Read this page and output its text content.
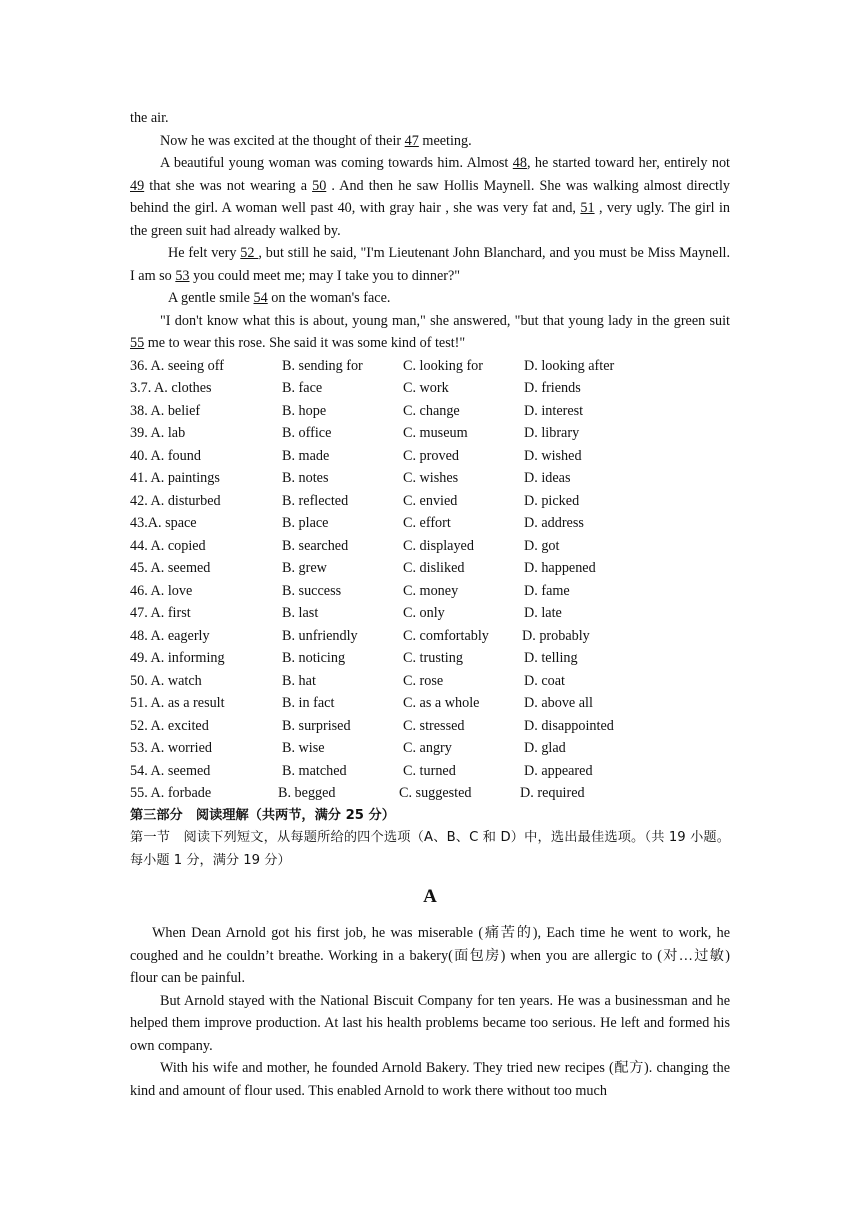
the air.

Now he was excited at the thought of their 47 meeting.

A beautiful young woman was coming towards him. Almost 48, he started toward her, entirely not 49 that she was not wearing a 50 . And then he saw Hollis Maynell. She was walking almost directly behind the girl. A woman well past 40, with gray hair , she was very fat and, 51 , very ugly. The girl in the green suit had already walked by.

He felt very 52 , but still he said, "I'm Lieutenant John Blanchard, and you must be Miss Maynell. I am so 53 you could meet me; may I take you to dinner?"

A gentle smile 54 on the woman's face.

"I don't know what this is about, young man," she answered, "but that young lady in the green suit 55 me to wear this rose. She said it was some kind of test!"

36. A. seeing off	B. sending for	C. looking for	D. looking after
3.7. A. clothes	B. face	C. work	D. friends
38. A. belief	B. hope	C. change	D. interest
39. A. lab	B. office	C. museum	D. library
40. A. found	B. made	C. proved	D. wished
41. A. paintings	B. notes	C. wishes	D. ideas
42. A. disturbed	B. reflected	C. envied	D. picked
43.A. space	B. place	C. effort	D. address
44. A. copied	B. searched	C. displayed	D. got
45. A. seemed	B. grew	C. disliked	D. happened
46. A. love	B. success	C. money	D. fame
47. A. first	B. last	C. only	D. late
48. A. eagerly	B. unfriendly	C. comfortably	D. probably
49. A. informing	B. noticing	C. trusting	D. telling
50. A. watch	B. hat	C. rose	D. coat
51. A. as a result	B. in fact	C. as a whole	D. above all
52. A. excited	B. surprised	C. stressed	D. disappointed
53. A. worried	B. wise	C. angry	D. glad
54. A. seemed	B. matched	C. turned	D. appeared
55. A. forbade	B. begged	C. suggested	D. required

第三部分　阅读理解（共两节，满分 25 分）

第一节　阅读下列短文，从每题所给的四个选项（A、B、C 和 D）中，选出最佳选项。（共 19 小题。每小题 1 分，满分 19 分）

A

When Dean Arnold got his first job, he was miserable (痛苦的), Each time he went to work, he coughed and he couldn’t breathe. Working in a bakery(面包房) when you are allergic to (对…过敏) flour can be painful.

But Arnold stayed with the National Biscuit Company for ten years. He was a businessman and he helped them improve production. At last his health problems became too serious. He left and formed his own company.

With his wife and mother, he founded Arnold Bakery. They tried new recipes (配方). changing the kind and amount of flour used. This enabled Arnold to work there without too much
